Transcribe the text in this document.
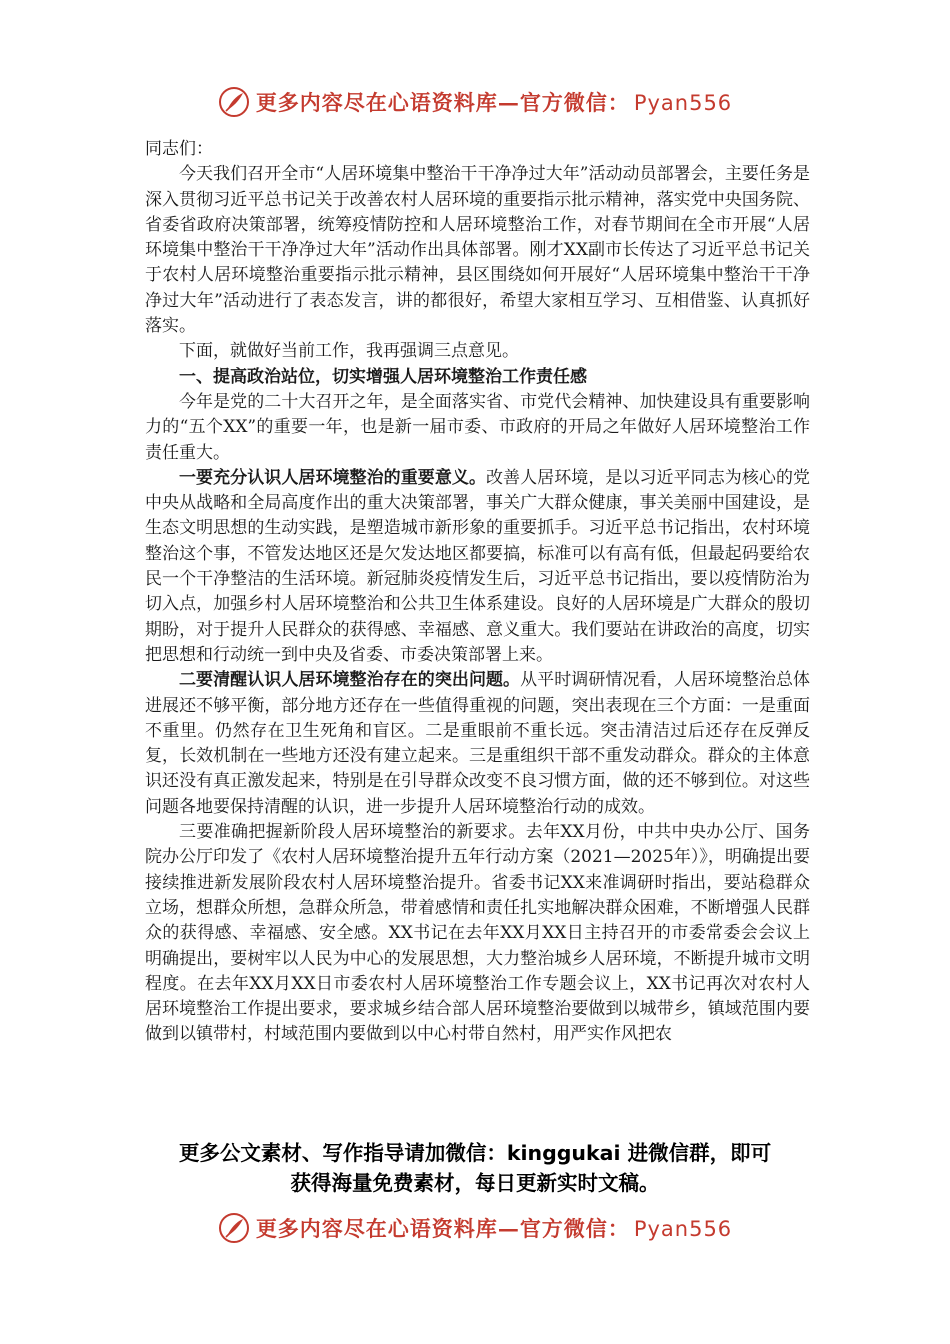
更多内容尽在心语资料库—官方微信： Pyan556

同志们：

今天我们召开全市“人居环境集中整治干干净净过大年”活动动员部署会，主要任务是深入贯彻习近平总书记关于改善农村人居环境的重要指示批示精神，落实党中央国务院、省委省政府决策部署，统筹疫情防控和人居环境整治工作，对春节期间在全市开展“人居环境集中整治干干净净过大年”活动作出具体部署。刚才XX副市长传达了习近平总书记关于农村人居环境整治重要指示批示精神，县区围绕如何开展好“人居环境集中整治干干净净过大年”活动进行了表态发言，讲的都很好，希望大家相互学习、互相借鉴、认真抓好落实。

下面，就做好当前工作，我再强调三点意见。

一、提高政治站位，切实增强人居环境整治工作责任感

今年是党的二十大召开之年，是全面落实省、市党代会精神、加快建设具有重要影响力的“五个XX”的重要一年，也是新一届市委、市政府的开局之年做好人居环境整治工作责任重大。

一要充分认识人居环境整治的重要意义。改善人居环境，是以习近平同志为核心的党中央从战略和全局高度作出的重大决策部署，事关广大群众健康，事关美丽中国建设，是生态文明思想的生动实践，是塑造城市新形象的重要抓手。习近平总书记指出，农村环境整治这个事，不管发达地区还是欠发达地区都要搞，标准可以有高有低，但最起码要给农民一个干净整洁的生活环境。新冠肺炎疫情发生后，习近平总书记指出，要以疫情防治为切入点，加强乡村人居环境整治和公共卫生体系建设。良好的人居环境是广大群众的殷切期盼，对于提升人民群众的获得感、幸福感、意义重大。我们要站在讲政治的高度，切实把思想和行动统一到中央及省委、市委决策部署上来。

二要清醒认识人居环境整治存在的突出问题。从平时调研情况看，人居环境整治总体进展还不够平衡，部分地方还存在一些值得重视的问题，突出表现在三个方面：一是重面不重里。仍然存在卫生死角和盲区。二是重眼前不重长远。突击清洁过后还存在反弹反复，长效机制在一些地方还没有建立起来。三是重组织干部不重发动群众。群众的主体意识还没有真正激发起来，特别是在引导群众改变不良习惯方面，做的还不够到位。对这些问题各地要保持清醒的认识，进一步提升人居环境整治行动的成效。

三要准确把握新阶段人居环境整治的新要求。去年XX月份，中共中央办公厅、国务院办公厅印发了《农村人居环境整治提升五年行动方案（2021—2025年）》，明确提出要接续推进新发展阶段农村人居环境整治提升。省委书记XX来准调研时指出，要站稳群众立场，想群众所想，急群众所急，带着感情和责任扎实地解决群众困难，不断增强人民群众的获得感、幸福感、安全感。XX书记在去年XX月XX日主持召开的市委常委会会议上明确提出，要树牢以人民为中心的发展思想，大力整治城乡人居环境，不断提升城市文明程度。在去年XX月XX日市委农村人居环境整治工作专题会议上，XX书记再次对农村人居环境整治工作提出要求，要求城乡结合部人居环境整治要做到以城带乡，镇域范围内要做到以镇带村，村域范围内要做到以中心村带自然村，用严实作风把农

更多公文素材、写作指导请加微信：kinggukai 进微信群，即可
获得海量免费素材，每日更新实时文稿。
更多内容尽在心语资料库—官方微信： Pyan556
